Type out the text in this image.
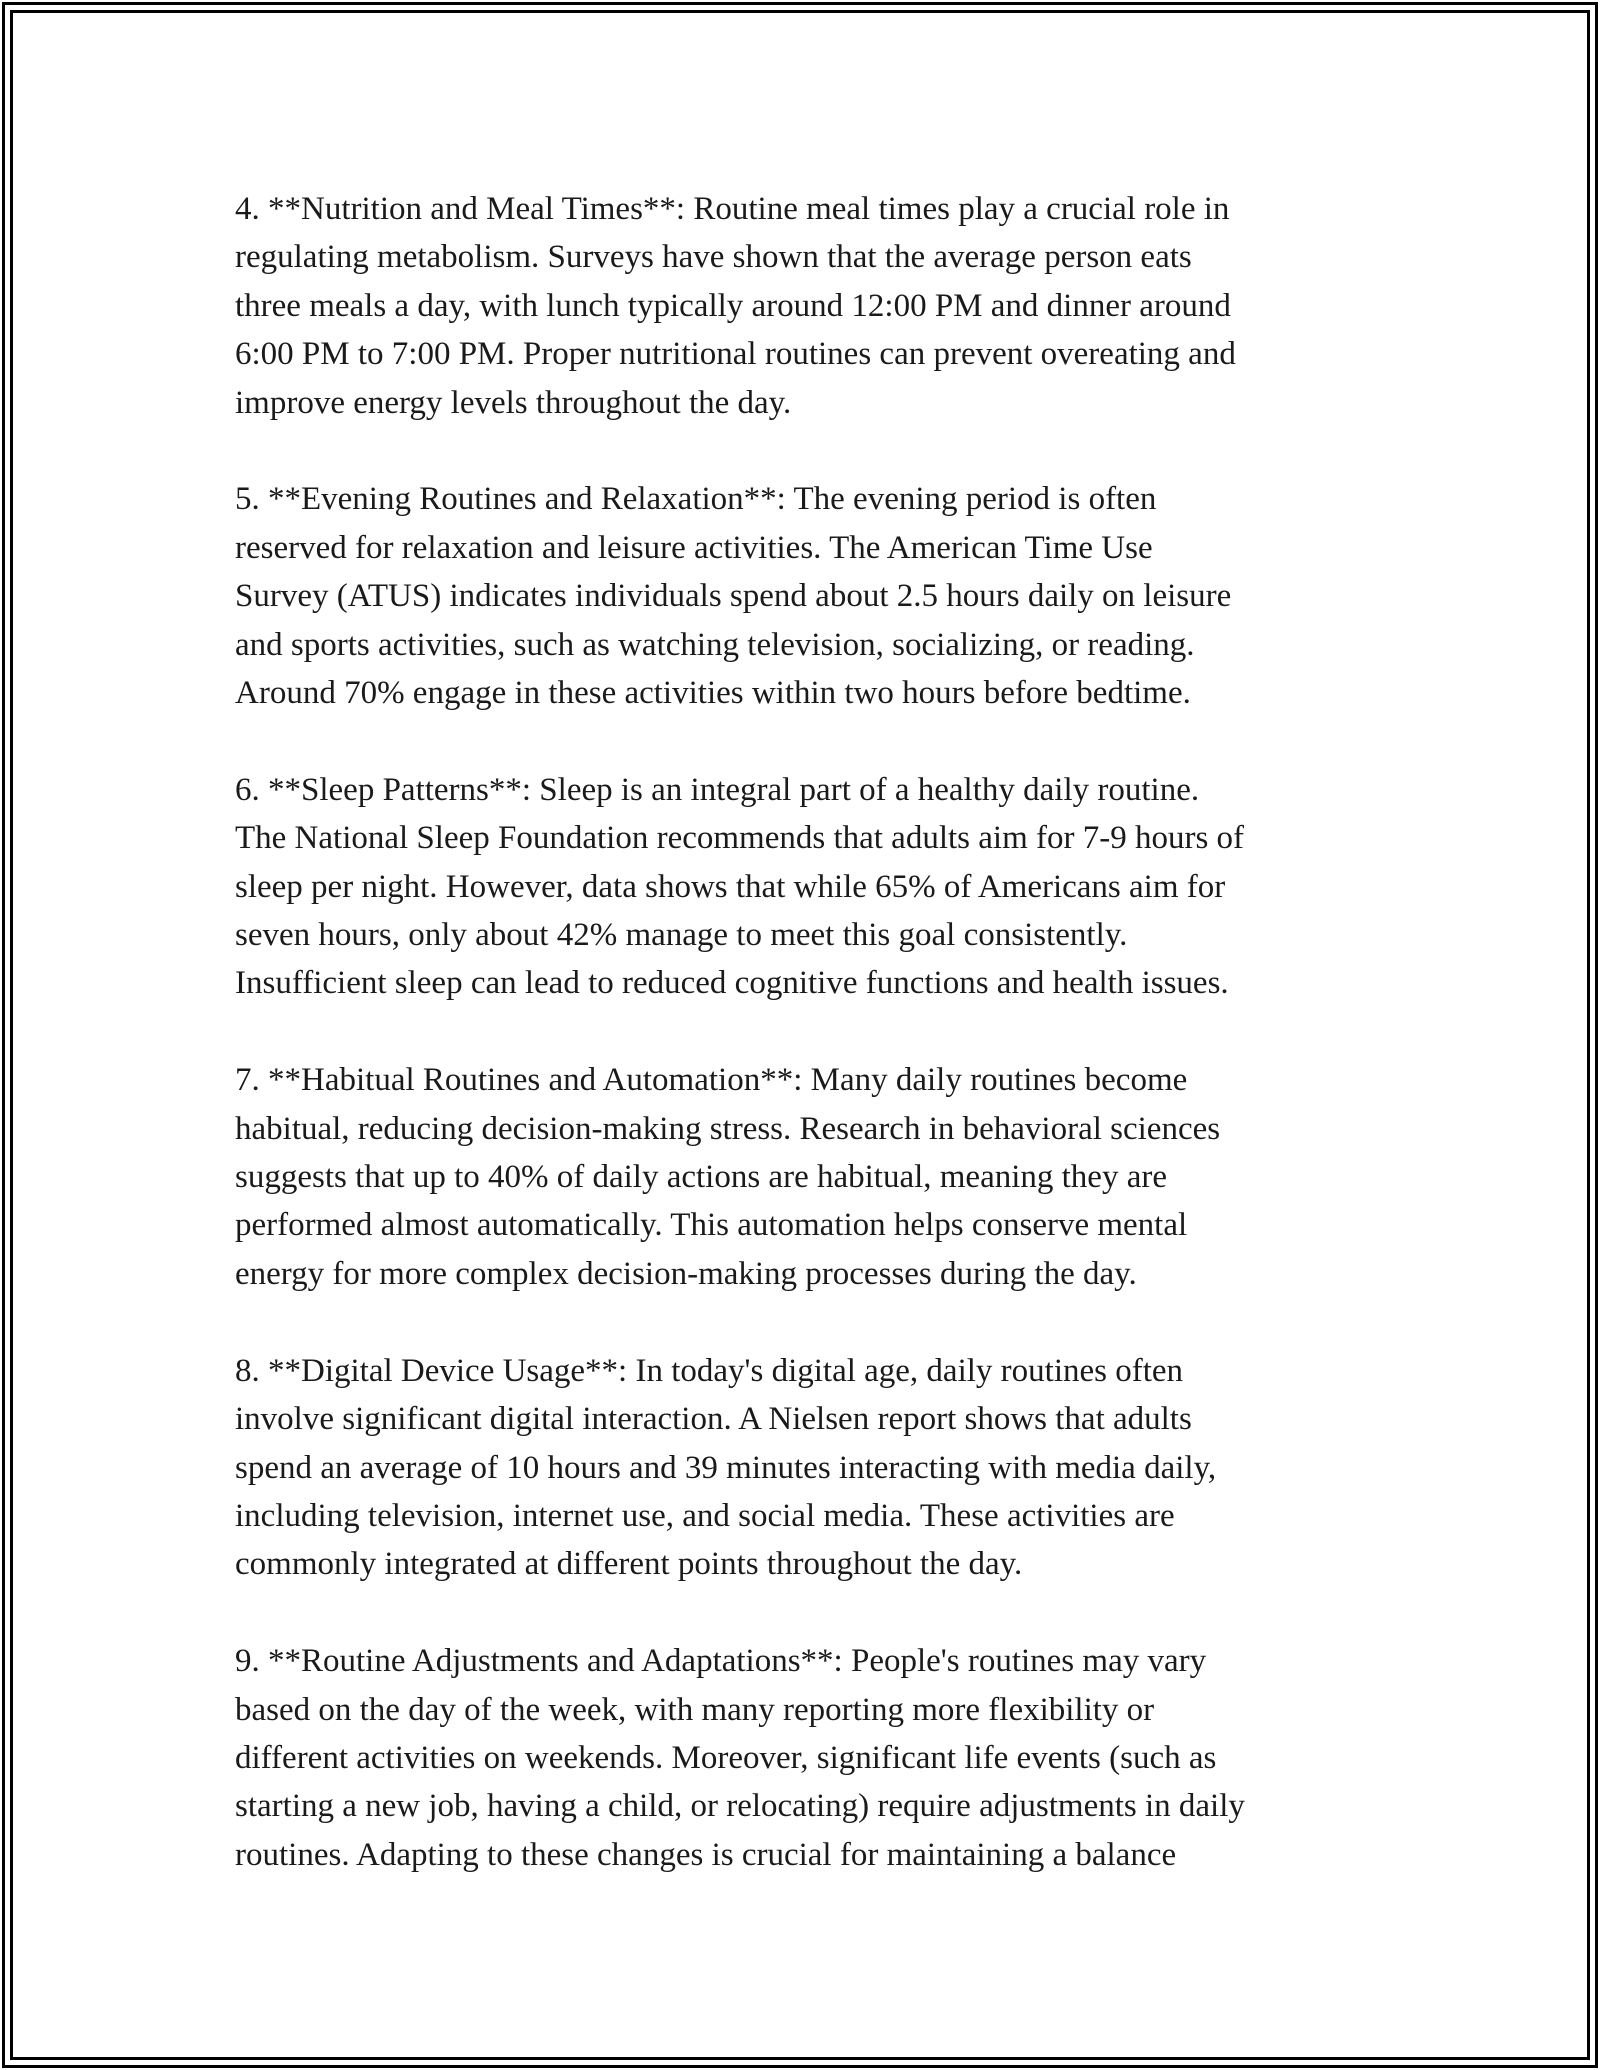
4. **Nutrition and Meal Times**: Routine meal times play a crucial role in
regulating metabolism. Surveys have shown that the average person eats
three meals a day, with lunch typically around 12:00 PM and dinner around
6:00 PM to 7:00 PM. Proper nutritional routines can prevent overeating and
improve energy levels throughout the day.

5. **Evening Routines and Relaxation**: The evening period is often
reserved for relaxation and leisure activities. The American Time Use
Survey (ATUS) indicates individuals spend about 2.5 hours daily on leisure
and sports activities, such as watching television, socializing, or reading.
Around 70% engage in these activities within two hours before bedtime.

6. **Sleep Patterns**: Sleep is an integral part of a healthy daily routine.
The National Sleep Foundation recommends that adults aim for 7-9 hours of
sleep per night. However, data shows that while 65% of Americans aim for
seven hours, only about 42% manage to meet this goal consistently.
Insufficient sleep can lead to reduced cognitive functions and health issues.

7. **Habitual Routines and Automation**: Many daily routines become
habitual, reducing decision-making stress. Research in behavioral sciences
suggests that up to 40% of daily actions are habitual, meaning they are
performed almost automatically. This automation helps conserve mental
energy for more complex decision-making processes during the day.

8. **Digital Device Usage**: In today's digital age, daily routines often
involve significant digital interaction. A Nielsen report shows that adults
spend an average of 10 hours and 39 minutes interacting with media daily,
including television, internet use, and social media. These activities are
commonly integrated at different points throughout the day.

9. **Routine Adjustments and Adaptations**: People's routines may vary
based on the day of the week, with many reporting more flexibility or
different activities on weekends. Moreover, significant life events (such as
starting a new job, having a child, or relocating) require adjustments in daily
routines. Adapting to these changes is crucial for maintaining a balance
